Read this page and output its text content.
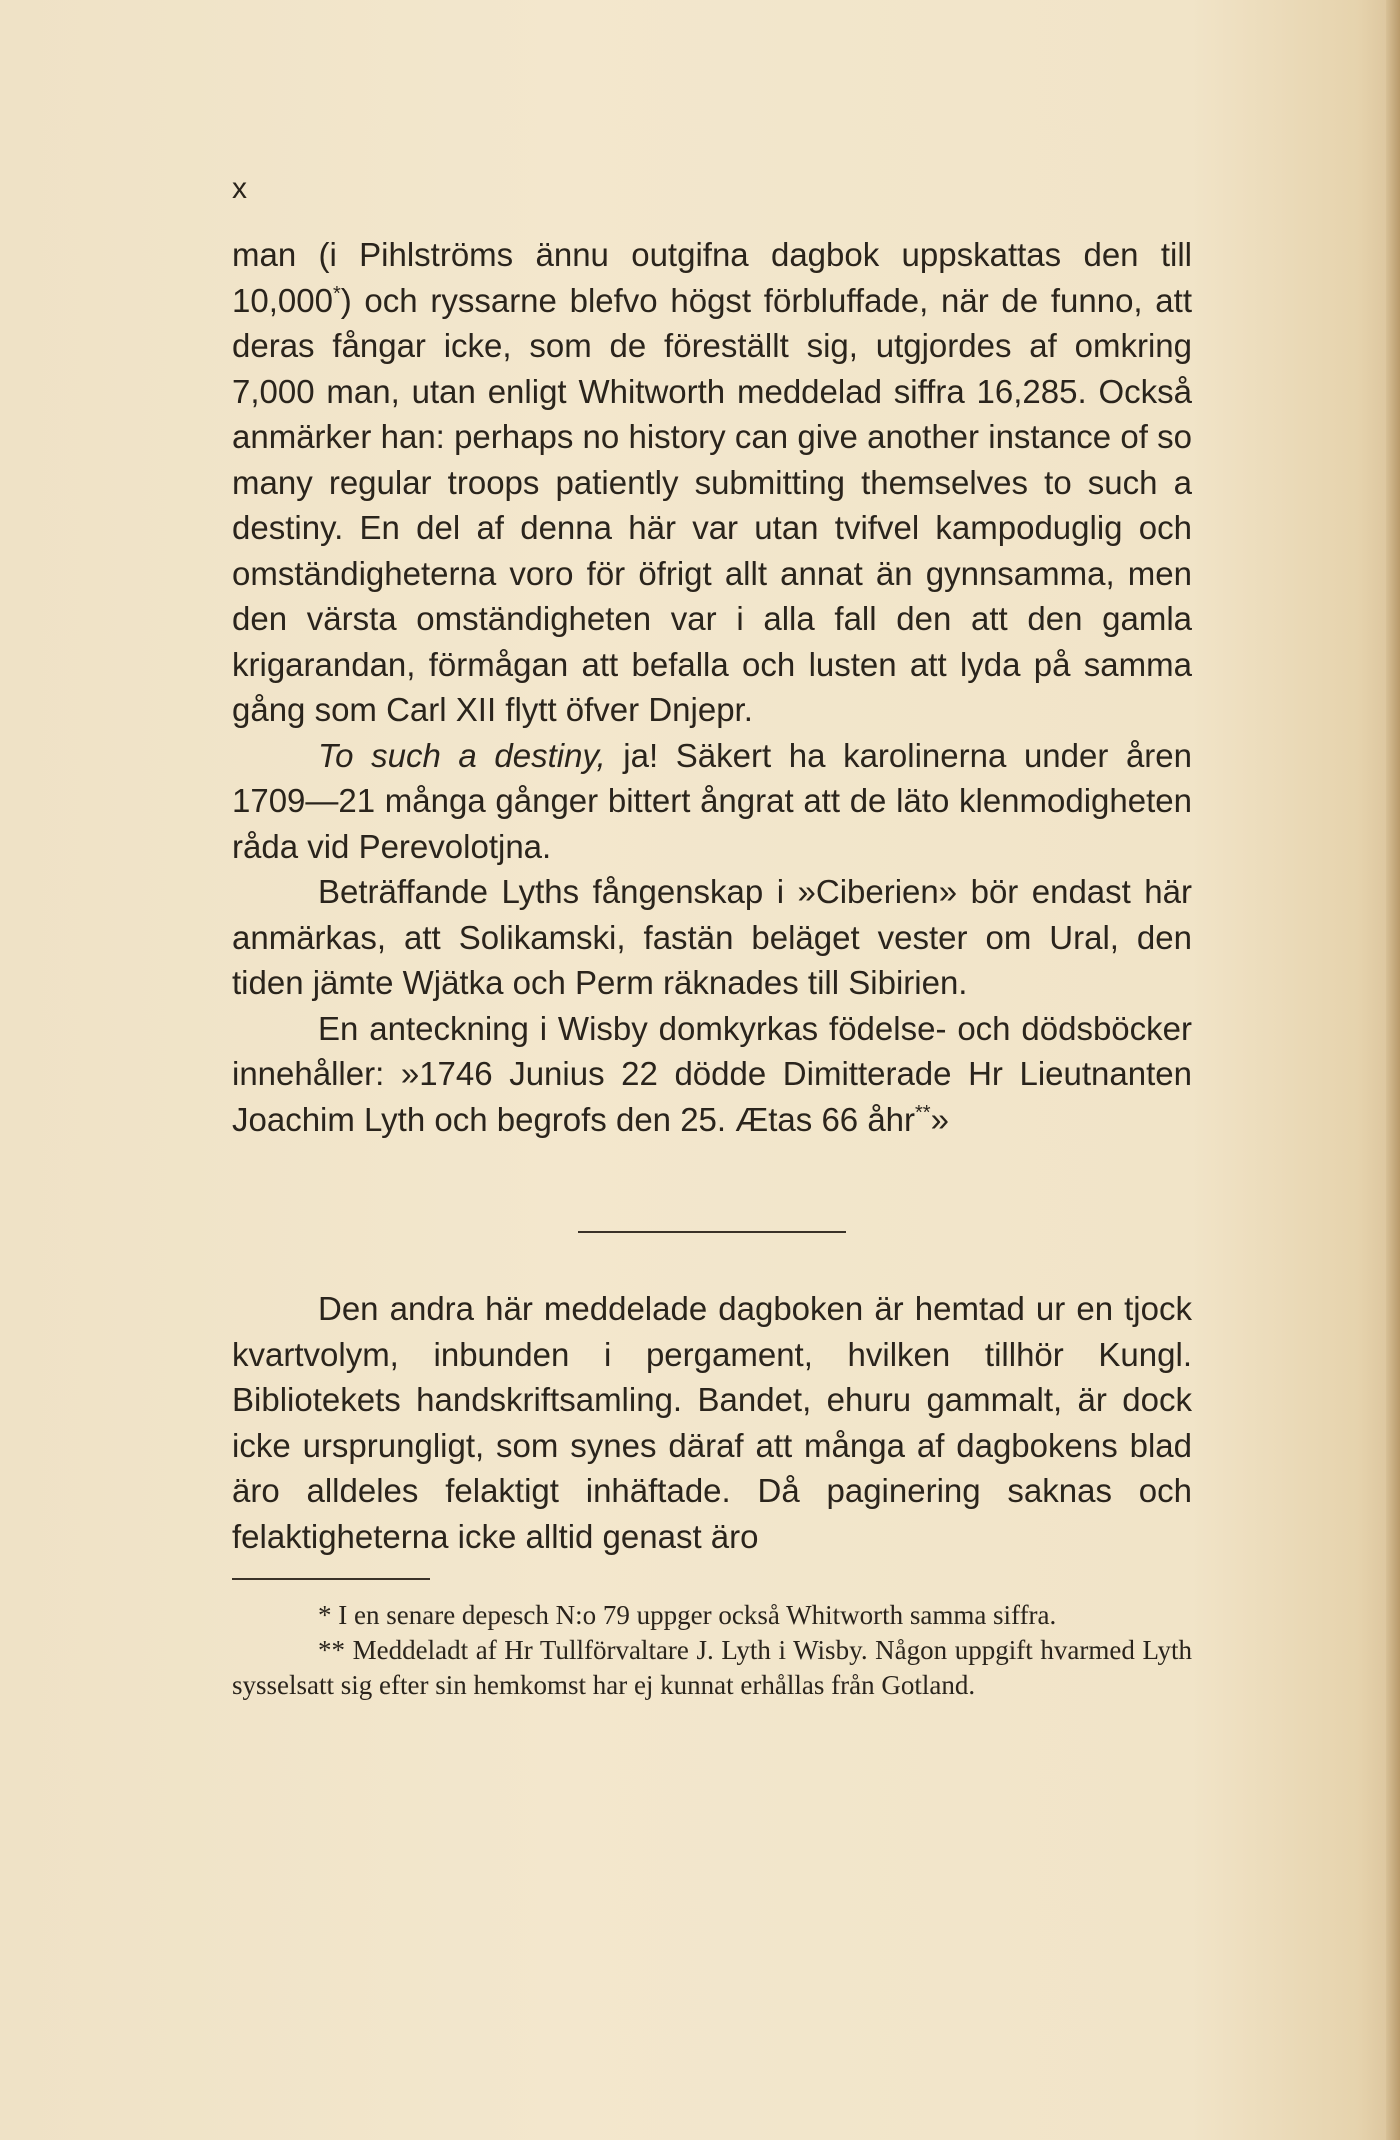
x

man (i Pihlströms ännu outgifna dagbok uppskattas den till 10,000*) och ryssarne blefvo högst förbluffade, när de funno, att deras fångar icke, som de föreställt sig, utgjordes af omkring 7,000 man, utan enligt Whitworth meddelad siffra 16,285. Också anmärker han: perhaps no history can give another instance of so many regular troops patiently submitting themselves to such a destiny. En del af denna här var utan tvifvel kampoduglig och omständigheterna voro för öfrigt allt annat än gynnsamma, men den värsta omständigheten var i alla fall den att den gamla krigarandan, förmågan att befalla och lusten att lyda på samma gång som Carl XII flytt öfver Dnjepr.

To such a destiny, ja! Säkert ha karolinerna under åren 1709—21 många gånger bittert ångrat att de läto klenmodigheten råda vid Perevolotjna.

Beträffande Lyths fångenskap i »Ciberien» bör endast här anmärkas, att Solikamski, fastän beläget vester om Ural, den tiden jämte Wjätka och Perm räknades till Sibirien.

En anteckning i Wisby domkyrkas födelse- och dödsböcker innehåller: »1746 Junius 22 dödde Dimitterade Hr Lieutnanten Joachim Lyth och begrofs den 25. Ætas 66 åhr**»

Den andra här meddelade dagboken är hemtad ur en tjock kvartvolym, inbunden i pergament, hvilken tillhör Kungl. Bibliotekets handskriftsamling. Bandet, ehuru gammalt, är dock icke ursprungligt, som synes däraf att många af dagbokens blad äro alldeles felaktigt inhäftade. Då paginering saknas och felaktigheterna icke alltid genast äro

* I en senare depesch N:o 79 uppger också Whitworth samma siffra.

** Meddeladt af Hr Tullförvaltare J. Lyth i Wisby. Någon uppgift hvarmed Lyth sysselsatt sig efter sin hemkomst har ej kunnat erhållas från Gotland.
